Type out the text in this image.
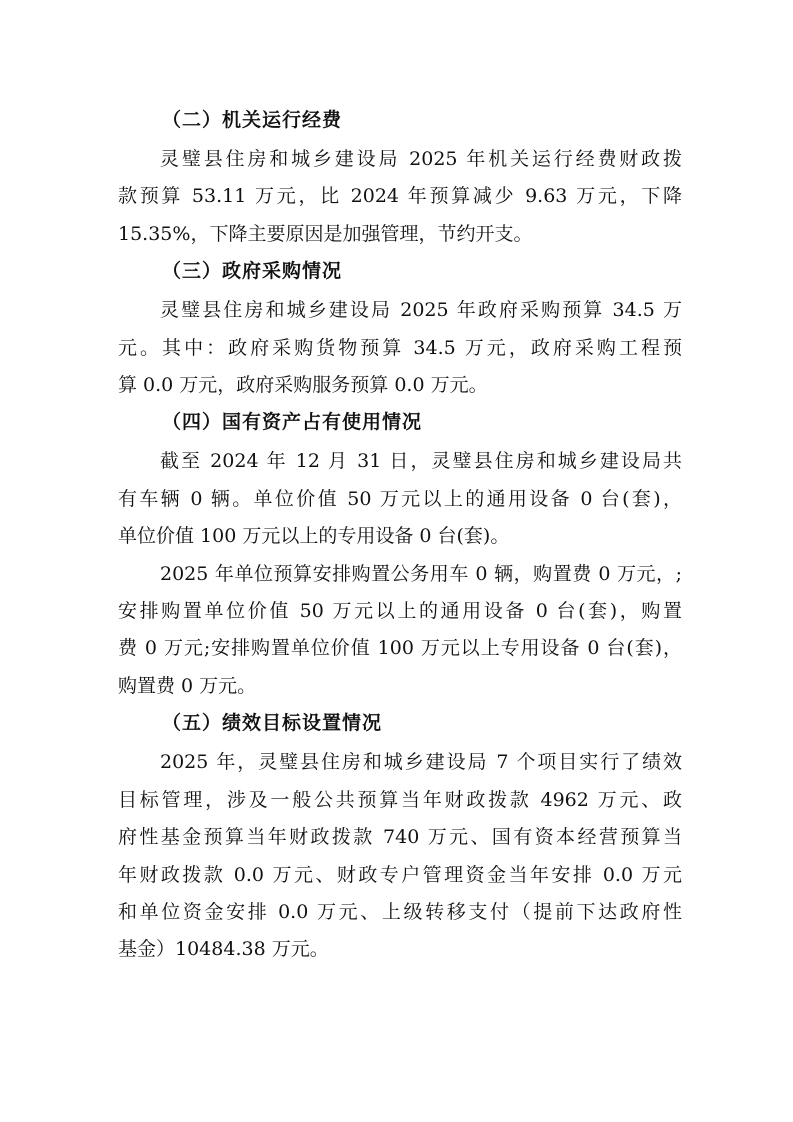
（二）机关运行经费
灵璧县住房和城乡建设局 2025 年机关运行经费财政拨
款预算 53.11 万元，比 2024 年预算减少 9.63 万元，下降
15.35%，下降主要原因是加强管理，节约开支。
（三）政府采购情况
灵璧县住房和城乡建设局 2025 年政府采购预算 34.5 万
元。其中：政府采购货物预算 34.5 万元，政府采购工程预
算 0.0 万元，政府采购服务预算 0.0 万元。
（四）国有资产占有使用情况
截至 2024 年 12 月 31 日，灵璧县住房和城乡建设局共
有车辆 0 辆。单位价值 50 万元以上的通用设备 0 台(套)，
单位价值 100 万元以上的专用设备 0 台(套)。
2025 年单位预算安排购置公务用车 0 辆，购置费 0 万元，;
安排购置单位价值 50 万元以上的通用设备 0 台(套)，购置
费 0 万元;安排购置单位价值 100 万元以上专用设备 0 台(套)，
购置费 0 万元。
（五）绩效目标设置情况
2025 年，灵璧县住房和城乡建设局 7 个项目实行了绩效
目标管理，涉及一般公共预算当年财政拨款 4962 万元、政
府性基金预算当年财政拨款 740 万元、国有资本经营预算当
年财政拨款 0.0 万元、财政专户管理资金当年安排 0.0 万元
和单位资金安排 0.0 万元、上级转移支付（提前下达政府性
基金）10484.38 万元。
